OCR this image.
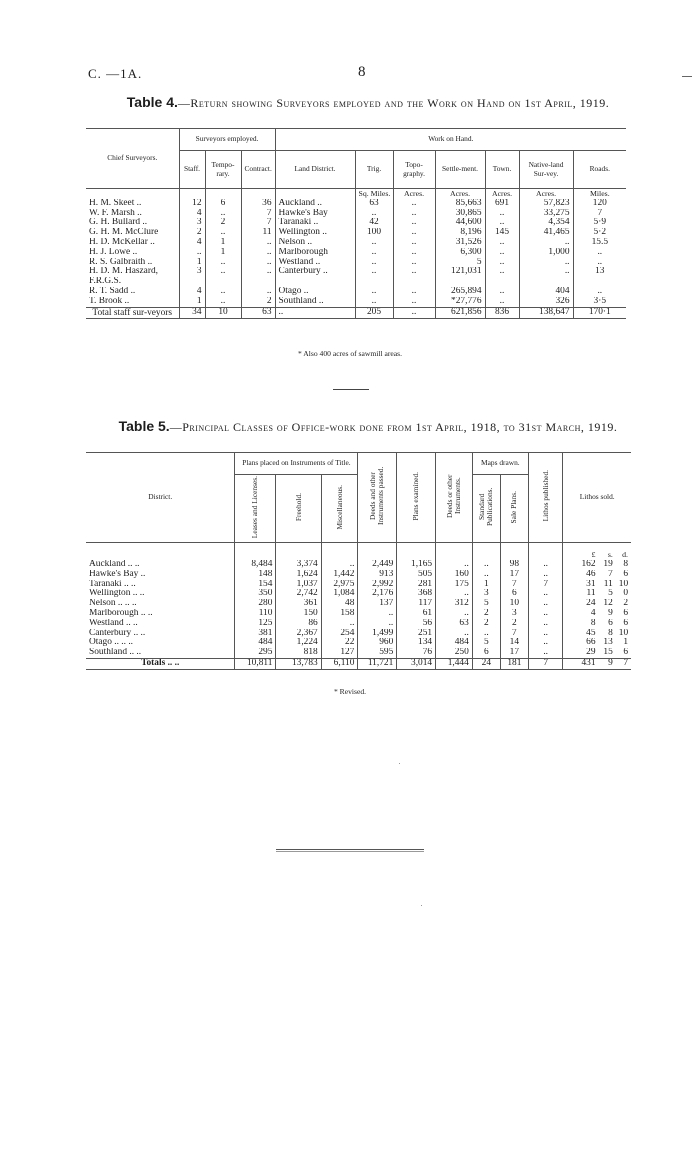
C. —1A.	8
Table 4.—Return showing Surveyors employed and the Work on Hand on 1st April, 1919.
Chief Surveyors.	Surveyors employed.			Work on Hand.						
	Staff.	Tempo-rary.	Contract.	Land District.	Trig.	Topo-graphy.	Settle-ment.	Town.	Native-land Sur-vey.	Roads.
					Sq. Miles.	Acres.	Acres.	Acres.	Acres.	Miles.
H. M. Skeet ..	12	6	36	Auckland ..	63	..	85,663	691	57,823	120
W. F. Marsh ..	4	..	7	Hawke's Bay	..	..	30,865	..	33,275	7
G. H. Bullard ..	3	2	7	Taranaki ..	42	..	44,600	..	4,354	5·9
G. H. M. McClure	2	..	11	Wellington ..	100	..	8,196	145	41,465	5·2
H. D. McKellar ..	4	1	..	Nelson ..	..	..	31,526	..	..	15.5
H. J. Lowe ..	..	1	..	Marlborough	..	..	6,300	..	1,000	..
R. S. Galbraith ..	1	..	..	Westland ..	..	..	5	..	..	..
H. D. M. Haszard,	3	..	..	Canterbury ..	..	..	121,031	..	..	13
F.R.G.S.										
R. T. Sadd ..	4	..	..	Otago ..	..	..	265,894	..	404	..
T. Brook ..	1	..	2	Southland ..	..	..	*27,776	..	326	3·5
Total staff sur-veyors	34	10	63	..	205	..	621,856	836	138,647	170·1
* Also 400 acres of sawmill areas.
Table 5.—Principal Classes of Office-work done from 1st April, 1918, to 31st March, 1919.
District.	Plans placed on Instruments of Title.			Deeds and other Instruments passed.	Plans examined.	Deeds or other Instruments.	Maps drawn.		Lithos published.	Lithos sold.		
	Leases and Licenses.	Freehold.	Miscellaneous.				Standard Publications.	Sale Plans.				
										£	s.	d.
Auckland .. ..	8,484	3,374	..	2,449	1,165	..	..	98	..	162	19	8
Hawke's Bay ..	148	1,624	1,442	913	505	160	..	17	..	46	7	6
Taranaki .. ..	154	1,037	2,975	2,992	281	175	1	7	7	31	11	10
Wellington .. ..	350	2,742	1,084	2,176	368	..	3	6	..	11	5	0
Nelson .. .. ..	280	361	48	137	117	312	5	10	..	24	12	2
Marlborough .. ..	110	150	158	..	61	..	2	3	..	4	9	6
Westland .. ..	125	86	..	..	56	63	2	2	..	8	6	6
Canterbury .. ..	381	2,367	254	1,499	251	..	..	7	..	45	8	10
Otago .. .. ..	484	1,224	22	960	134	484	5	14	..	66	13	1
Southland .. ..	295	818	127	595	76	250	6	17	..	29	15	6
Totals .. ..	10,811	13,783	6,110	11,721	3,014	1,444	24	181	7	431	9	7
* Revised.
